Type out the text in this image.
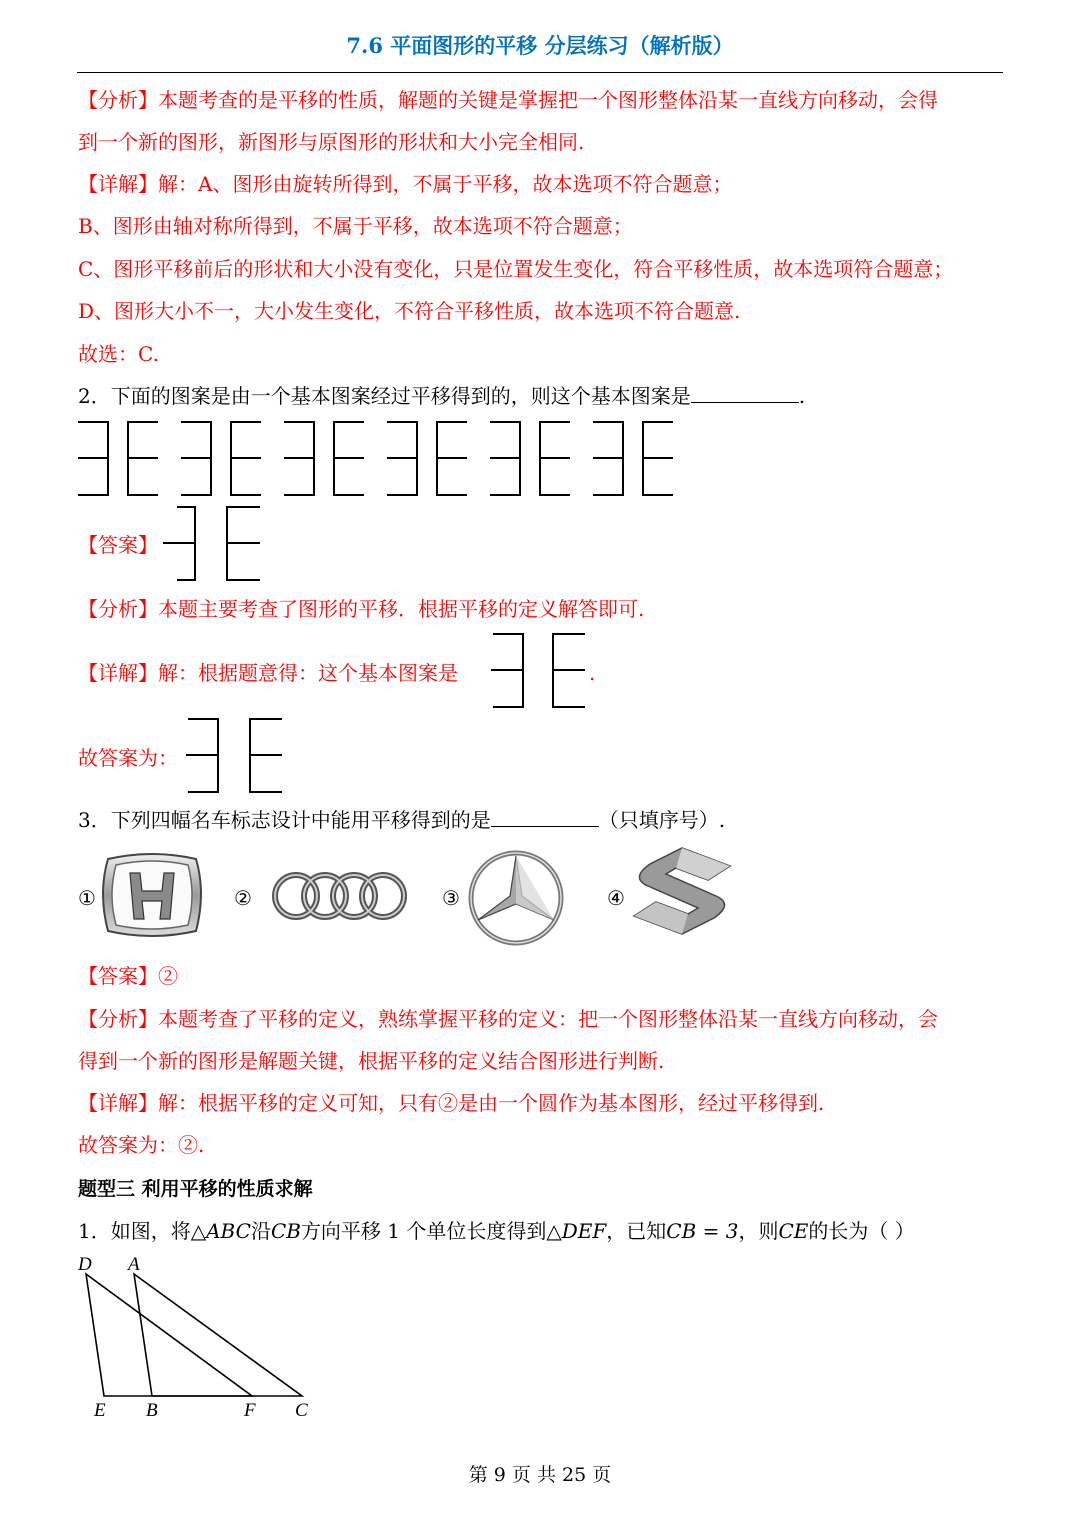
7.6 平面图形的平移 分层练习（解析版）
【分析】本题考查的是平移的性质，解题的关键是掌握把一个图形整体沿某一直线方向移动，会得
到一个新的图形，新图形与原图形的形状和大小完全相同.
【详解】解：A、图形由旋转所得到，不属于平移，故本选项不符合题意；
B、图形由轴对称所得到，不属于平移，故本选项不符合题意；
C、图形平移前后的形状和大小没有变化，只是位置发生变化，符合平移性质，故本选项符合题意；
D、图形大小不一，大小发生变化，不符合平移性质，故本选项不符合题意.
故选：C.
2．下面的图案是由一个基本图案经过平移得到的，则这个基本图案是	.
【答案】
【分析】本题主要考查了图形的平移．根据平移的定义解答即可.
【详解】解：根据题意得：这个基本图案是	.
故答案为：
3．下列四幅名车标志设计中能用平移得到的是	（只填序号）.
①	②	③	④
【答案】②
【分析】本题考查了平移的定义，熟练掌握平移的定义：把一个图形整体沿某一直线方向移动，会
得到一个新的图形是解题关键，根据平移的定义结合图形进行判断.
【详解】解：根据平移的定义可知，只有②是由一个圆作为基本图形，经过平移得到.
故答案为：②.
题型三 利用平移的性质求解
1．如图，将△ABC沿CB方向平移 1 个单位长度得到△DEF，已知CB = 3，则CE的长为（ ）
D A
E B	F C
第 9 页 共 25 页
